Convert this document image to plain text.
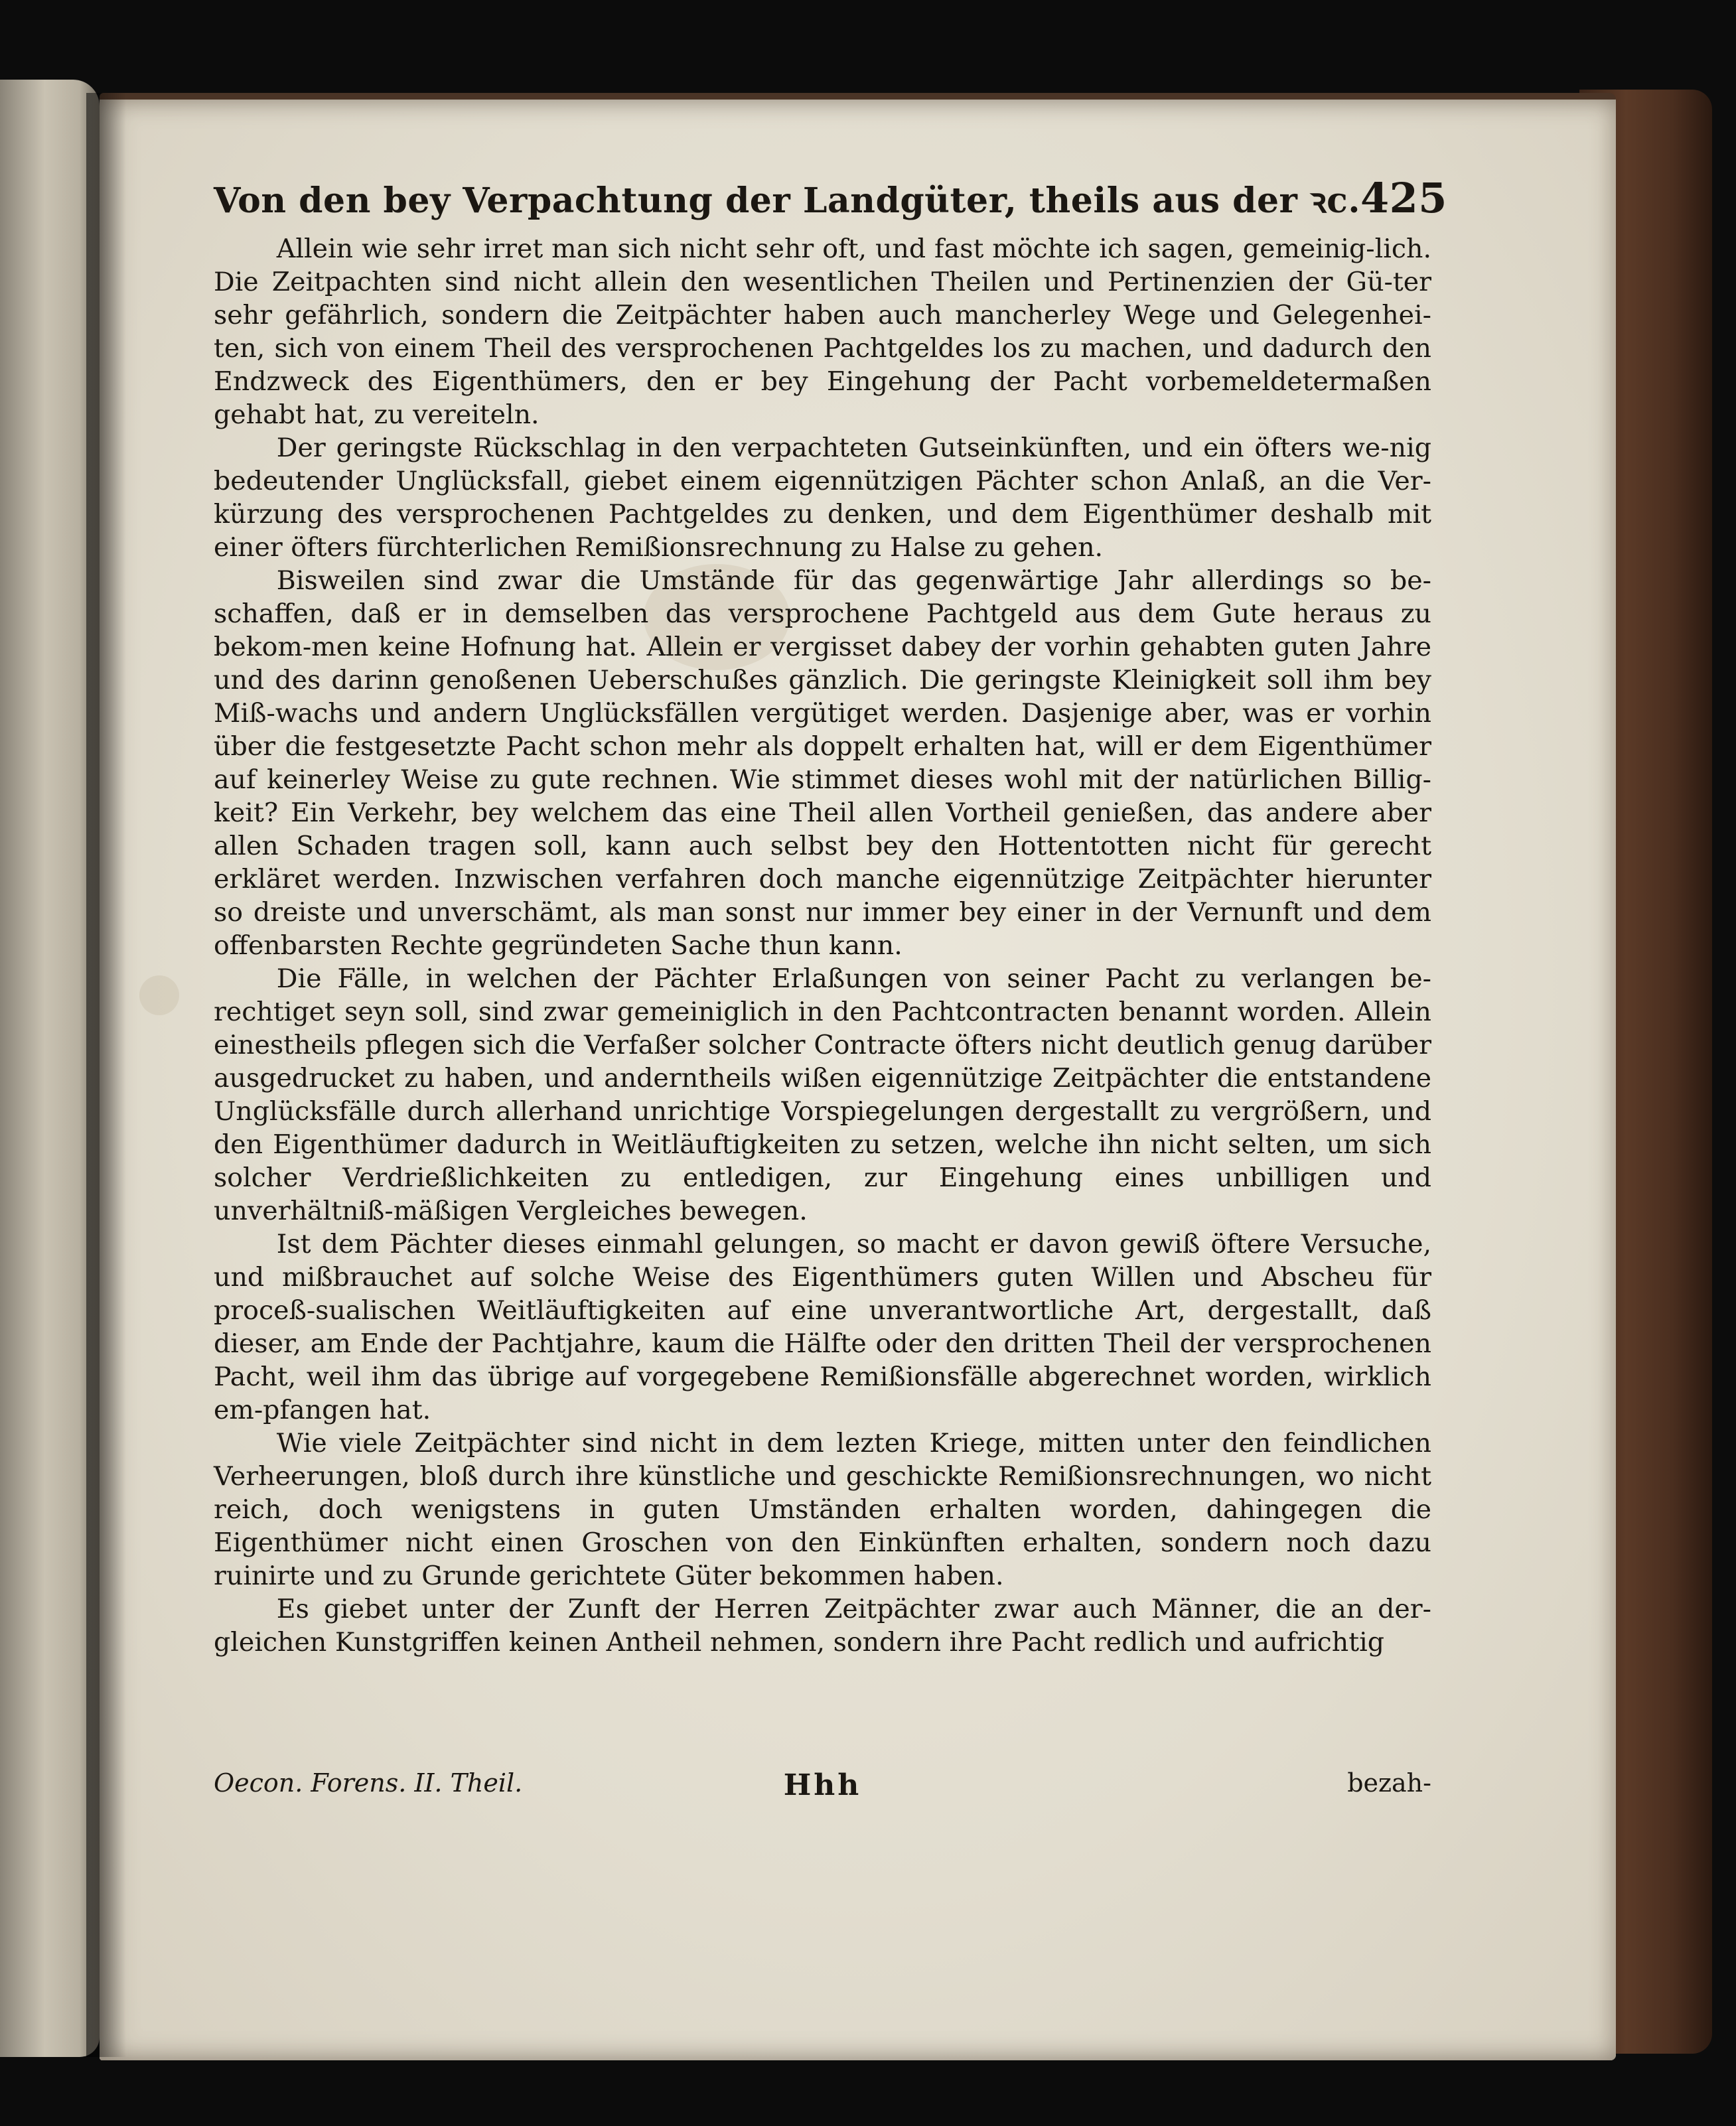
Von den bey Verpachtung der Landgüter, theils aus der ꝛc. 425

Allein wie sehr irret man sich nicht sehr oft, und fast möchte ich sagen, gemeinig-lich. Die Zeitpachten sind nicht allein den wesentlichen Theilen und Pertinenzien der Gü-ter sehr gefährlich, sondern die Zeitpächter haben auch mancherley Wege und Gelegenhei-ten, sich von einem Theil des versprochenen Pachtgeldes los zu machen, und dadurch den Endzweck des Eigenthümers, den er bey Eingehung der Pacht vorbemeldetermaßen gehabt hat, zu vereiteln.

Der geringste Rückschlag in den verpachteten Gutseinkünften, und ein öfters we-nig bedeutender Unglücksfall, giebet einem eigennützigen Pächter schon Anlaß, an die Ver-kürzung des versprochenen Pachtgeldes zu denken, und dem Eigenthümer deshalb mit einer öfters fürchterlichen Remißionsrechnung zu Halse zu gehen.

Bisweilen sind zwar die Umstände für das gegenwärtige Jahr allerdings so be-schaffen, daß er in demselben das versprochene Pachtgeld aus dem Gute heraus zu bekom-men keine Hofnung hat. Allein er vergisset dabey der vorhin gehabten guten Jahre und des darinn genoßenen Ueberschußes gänzlich. Die geringste Kleinigkeit soll ihm bey Miß-wachs und andern Unglücksfällen vergütiget werden. Dasjenige aber, was er vorhin über die festgesetzte Pacht schon mehr als doppelt erhalten hat, will er dem Eigenthümer auf keinerley Weise zu gute rechnen. Wie stimmet dieses wohl mit der natürlichen Billig-keit? Ein Verkehr, bey welchem das eine Theil allen Vortheil genießen, das andere aber allen Schaden tragen soll, kann auch selbst bey den Hottentotten nicht für gerecht erkläret werden. Inzwischen verfahren doch manche eigennützige Zeitpächter hierunter so dreiste und unverschämt, als man sonst nur immer bey einer in der Vernunft und dem offenbarsten Rechte gegründeten Sache thun kann.

Die Fälle, in welchen der Pächter Erlaßungen von seiner Pacht zu verlangen be-rechtiget seyn soll, sind zwar gemeiniglich in den Pachtcontracten benannt worden. Allein einestheils pflegen sich die Verfaßer solcher Contracte öfters nicht deutlich genug darüber ausgedrucket zu haben, und anderntheils wißen eigennützige Zeitpächter die entstandene Unglücksfälle durch allerhand unrichtige Vorspiegelungen dergestallt zu vergrößern, und den Eigenthümer dadurch in Weitläuftigkeiten zu setzen, welche ihn nicht selten, um sich solcher Verdrießlichkeiten zu entledigen, zur Eingehung eines unbilligen und unverhältniß-mäßigen Vergleiches bewegen.

Ist dem Pächter dieses einmahl gelungen, so macht er davon gewiß öftere Versuche, und mißbrauchet auf solche Weise des Eigenthümers guten Willen und Abscheu für proceß-sualischen Weitläuftigkeiten auf eine unverantwortliche Art, dergestallt, daß dieser, am Ende der Pachtjahre, kaum die Hälfte oder den dritten Theil der versprochenen Pacht, weil ihm das übrige auf vorgegebene Remißionsfälle abgerechnet worden, wirklich em-pfangen hat.

Wie viele Zeitpächter sind nicht in dem lezten Kriege, mitten unter den feindlichen Verheerungen, bloß durch ihre künstliche und geschickte Remißionsrechnungen, wo nicht reich, doch wenigstens in guten Umständen erhalten worden, dahingegen die Eigenthümer nicht einen Groschen von den Einkünften erhalten, sondern noch dazu ruinirte und zu Grunde gerichtete Güter bekommen haben.

Es giebet unter der Zunft der Herren Zeitpächter zwar auch Männer, die an der-gleichen Kunstgriffen keinen Antheil nehmen, sondern ihre Pacht redlich und aufrichtig

Oecon. Forens. II. Theil.	Hhh	bezah-
